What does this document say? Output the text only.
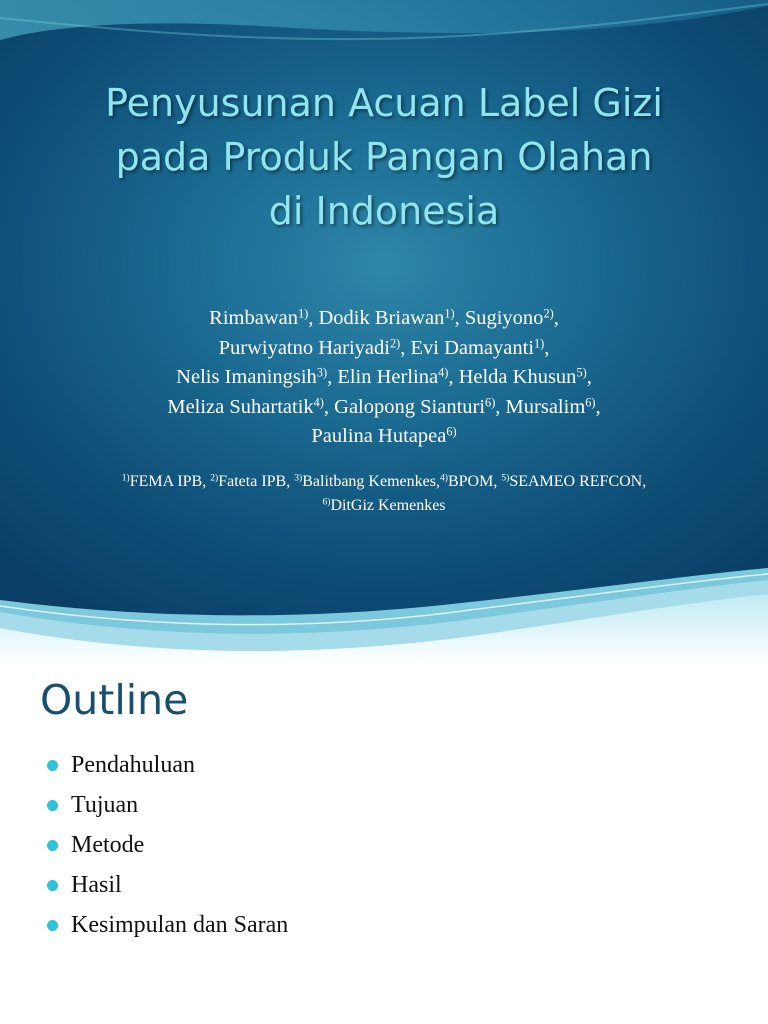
Penyusunan Acuan Label Gizi
pada Produk Pangan Olahan
di Indonesia
Rimbawan$^{1)}$, Dodik Briawan$^{1)}$, Sugiyono$^{2)}$,
Purwiyatno Hariyadi$^{2)}$, Evi Damayanti$^{1)}$,
Nelis Imaningsih$^{3)}$, Elin Herlina$^{4)}$, Helda Khusun$^{5)}$,
Meliza Suhartatik$^{4)}$, Galopong Sianturi$^{6)}$, Mursalim$^{6)}$,
Paulina Hutapea$^{6)}$
$^{1)}$FEMA IPB, $^{2)}$Fateta IPB, $^{3)}$Balitbang Kemenkes,$^{4)}$BPOM, $^{5)}$SEAMEO REFCON,
$^{6)}$DitGiz Kemenkes
Outline
Pendahuluan
Tujuan
Metode
Hasil
Kesimpulan dan Saran
